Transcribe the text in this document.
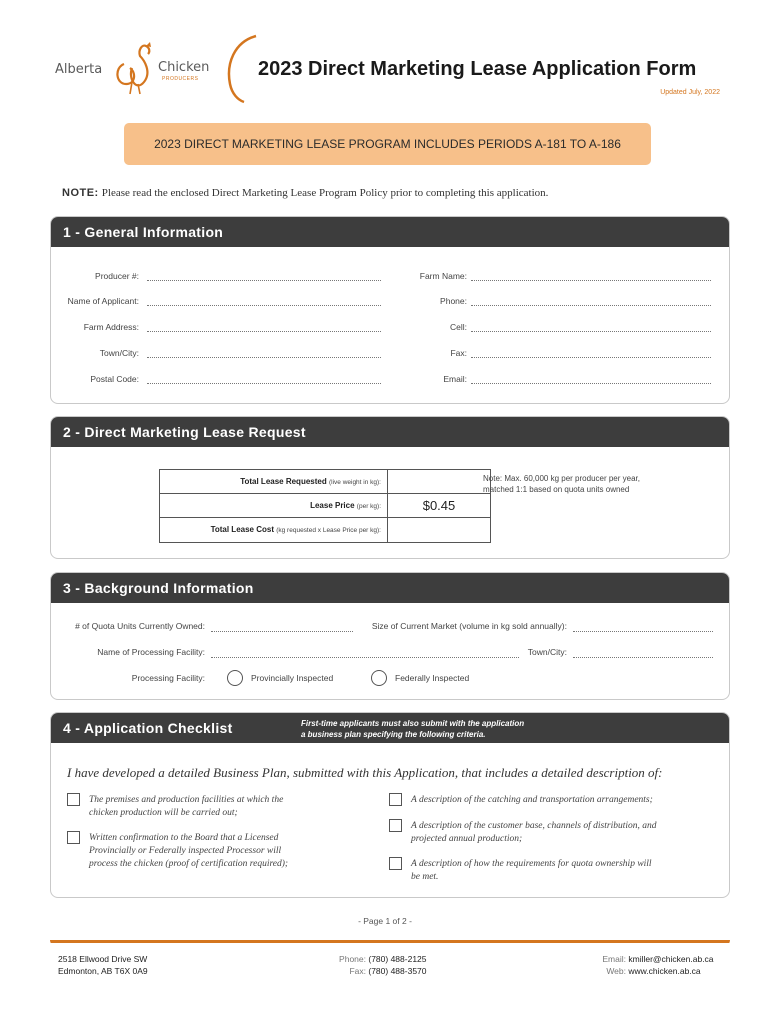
Alberta	Chicken
PRODUCERS	2023 Direct Marketing Lease Application Form
Updated July, 2022
2023 DIRECT MARKETING LEASE PROGRAM INCLUDES PERIODS A-181 TO A-186
NOTE: Please read the enclosed Direct Marketing Lease Program Policy prior to completing this application.
1 - General Information
Producer #:
Name of Applicant:
Farm Address:
Town/City:
Postal Code:
Farm Name:
Phone:
Cell:
Fax:
Email:
2 - Direct Marketing Lease Request
Total Lease Requested (live weight in kg):
Lease Price (per kg):	$0.45
Total Lease Cost (kg requested x Lease Price per kg):
Note: Max. 60,000 kg per producer per year,
matched 1:1 based on quota units owned
3 - Background Information
# of Quota Units Currently Owned:	Size of Current Market (volume in kg sold annually):
Name of Processing Facility:	Town/City:
Processing Facility:	Provincially Inspected	Federally Inspected
4 - Application Checklist	First-time applicants must also submit with the application
a business plan specifying the following criteria.
I have developed a detailed Business Plan, submitted with this Application, that includes a detailed description of:
The premises and production facilities at which the
chicken production will be carried out;
Written confirmation to the Board that a Licensed
Provincially or Federally inspected Processor will
process the chicken (proof of certification required);
A description of the catching and transportation arrangements;
A description of the customer base, channels of distribution, and
projected annual production;
A description of how the requirements for quota ownership will
be met.
- Page 1 of 2 -
2518 Ellwood Drive SW
Edmonton, AB T6X 0A9
Phone: (780) 488-2125
Fax: (780) 488-3570
Email: kmiller@chicken.ab.ca
Web: www.chicken.ab.ca
